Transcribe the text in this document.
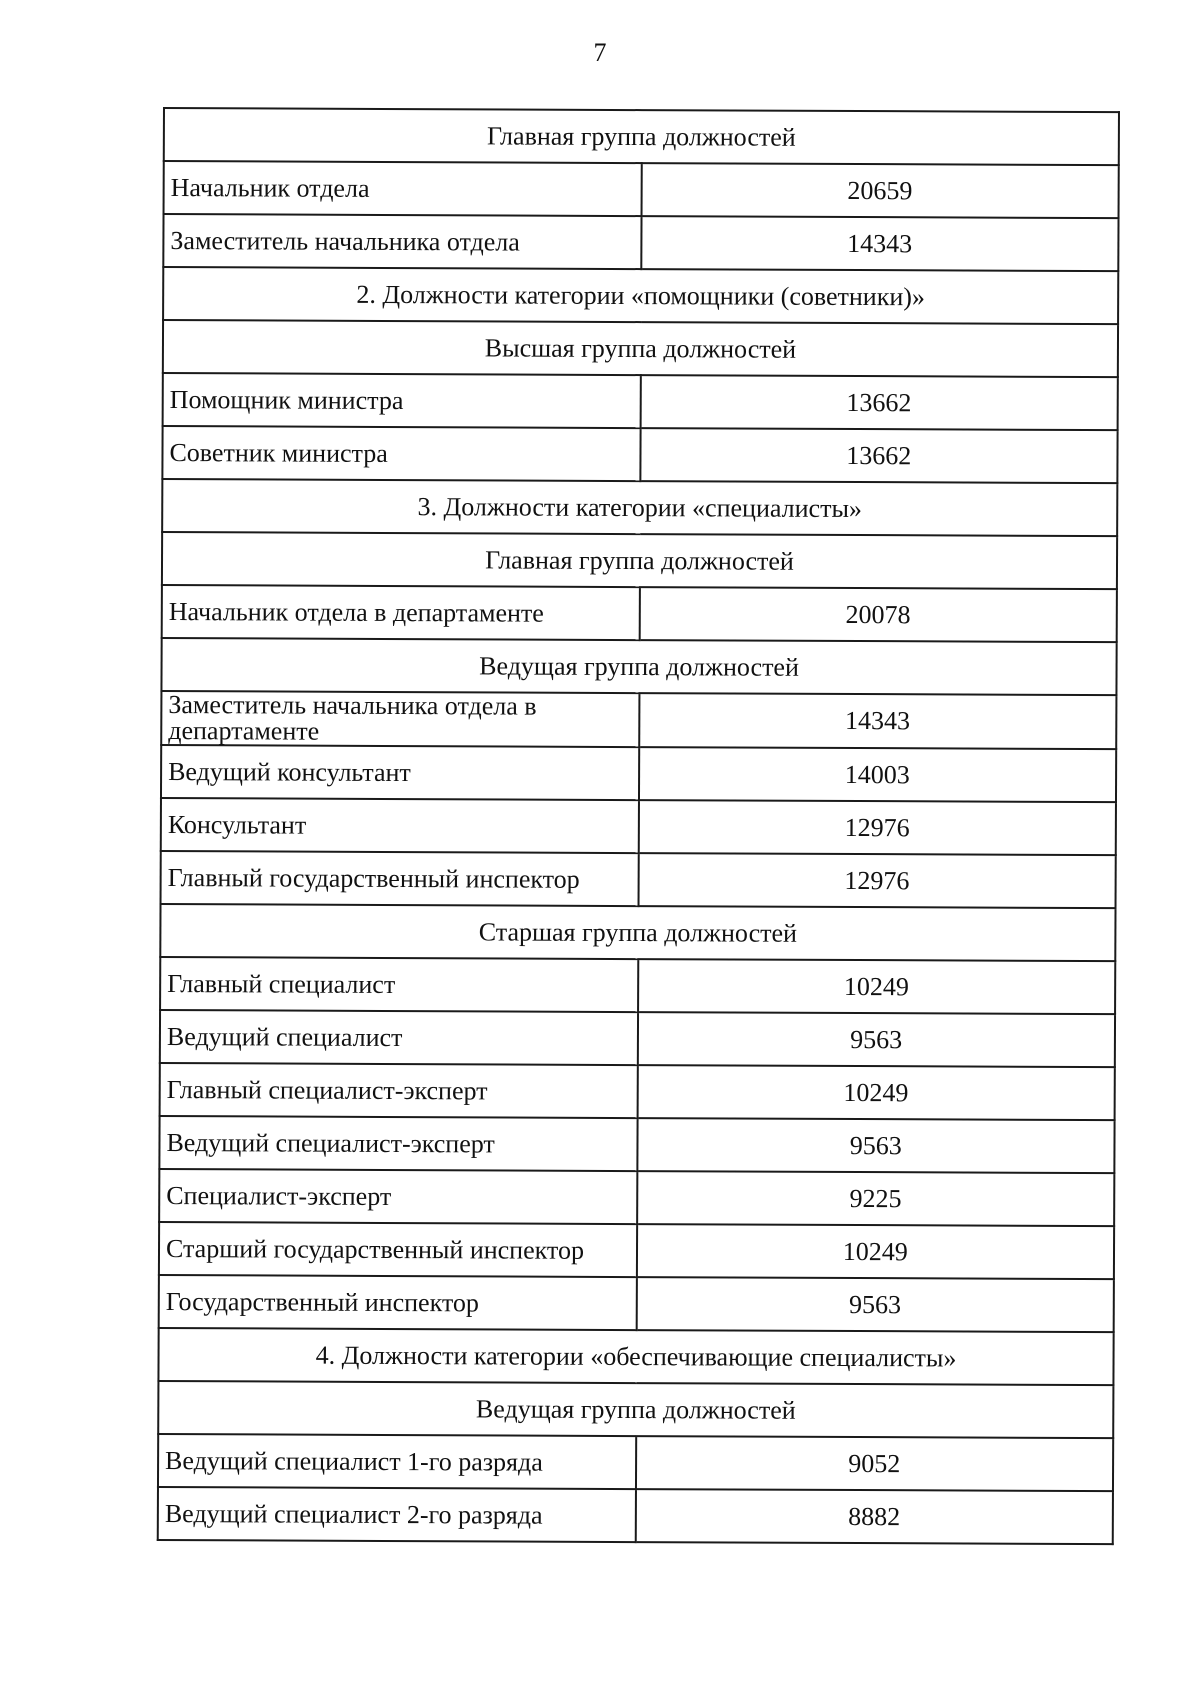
7
Главная группа должностей	
Начальник отдела	20659
Заместитель начальника отдела	14343
2. Должности категории «помощники (советники)»	
Высшая группа должностей	
Помощник министра	13662
Советник министра	13662
3. Должности категории «специалисты»	
Главная группа должностей	
Начальник отдела в департаменте	20078
Ведущая группа должностей	
Заместитель начальника отдела в департаменте	14343
Ведущий консультант	14003
Консультант	12976
Главный государственный инспектор	12976
Старшая группа должностей	
Главный специалист	10249
Ведущий специалист	9563
Главный специалист-эксперт	10249
Ведущий специалист-эксперт	9563
Специалист-эксперт	9225
Старший государственный инспектор	10249
Государственный инспектор	9563
4. Должности категории «обеспечивающие специалисты»	
Ведущая группа должностей	
Ведущий специалист 1-го разряда	9052
Ведущий специалист 2-го разряда	8882
